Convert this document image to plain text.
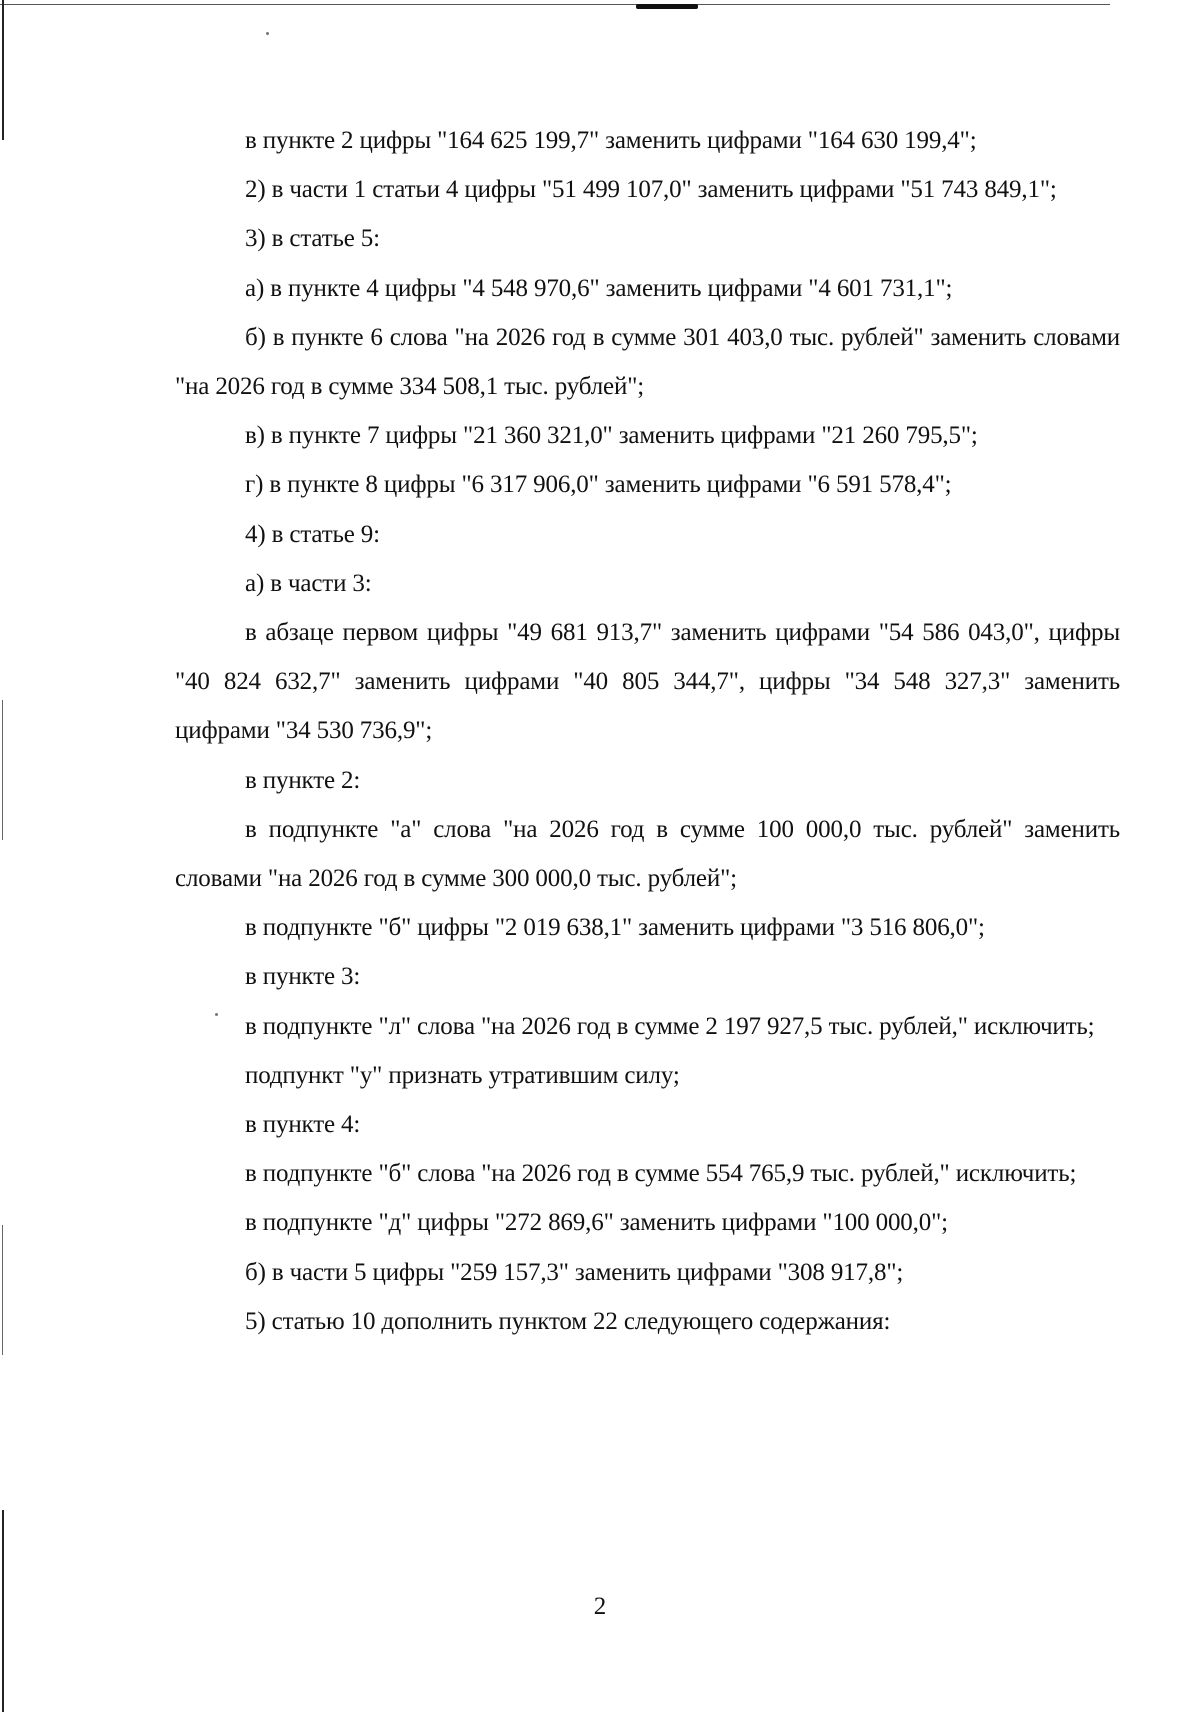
в пункте 2 цифры "164 625 199,7" заменить цифрами "164 630 199,4";

2) в части 1 статьи 4 цифры "51 499 107,0" заменить цифрами "51 743 849,1";

3) в статье 5:

а) в пункте 4 цифры "4 548 970,6" заменить цифрами "4 601 731,1";

б) в пункте 6 слова "на 2026 год в сумме 301 403,0 тыс. рублей" заменить словами "на 2026 год в сумме 334 508,1 тыс. рублей";

в) в пункте 7 цифры "21 360 321,0" заменить цифрами "21 260 795,5";

г) в пункте 8 цифры "6 317 906,0" заменить цифрами "6 591 578,4";

4) в статье 9:

а) в части 3:

в абзаце первом цифры "49 681 913,7" заменить цифрами "54 586 043,0", цифры "40 824 632,7" заменить цифрами "40 805 344,7", цифры "34 548 327,3" заменить цифрами "34 530 736,9";

в пункте 2:

в подпункте "а" слова "на 2026 год в сумме 100 000,0 тыс. рублей" заменить словами "на 2026 год в сумме 300 000,0 тыс. рублей";

в подпункте "б" цифры "2 019 638,1" заменить цифрами "3 516 806,0";

в пункте 3:

в подпункте "л" слова "на 2026 год в сумме 2 197 927,5 тыс. рублей," исключить;

подпункт "у" признать утратившим силу;

в пункте 4:

в подпункте "б" слова "на 2026 год в сумме 554 765,9 тыс. рублей," исключить;

в подпункте "д" цифры "272 869,6" заменить цифрами "100 000,0";

б) в части 5 цифры "259 157,3" заменить цифрами "308 917,8";

5) статью 10 дополнить пунктом 22 следующего содержания:

2
